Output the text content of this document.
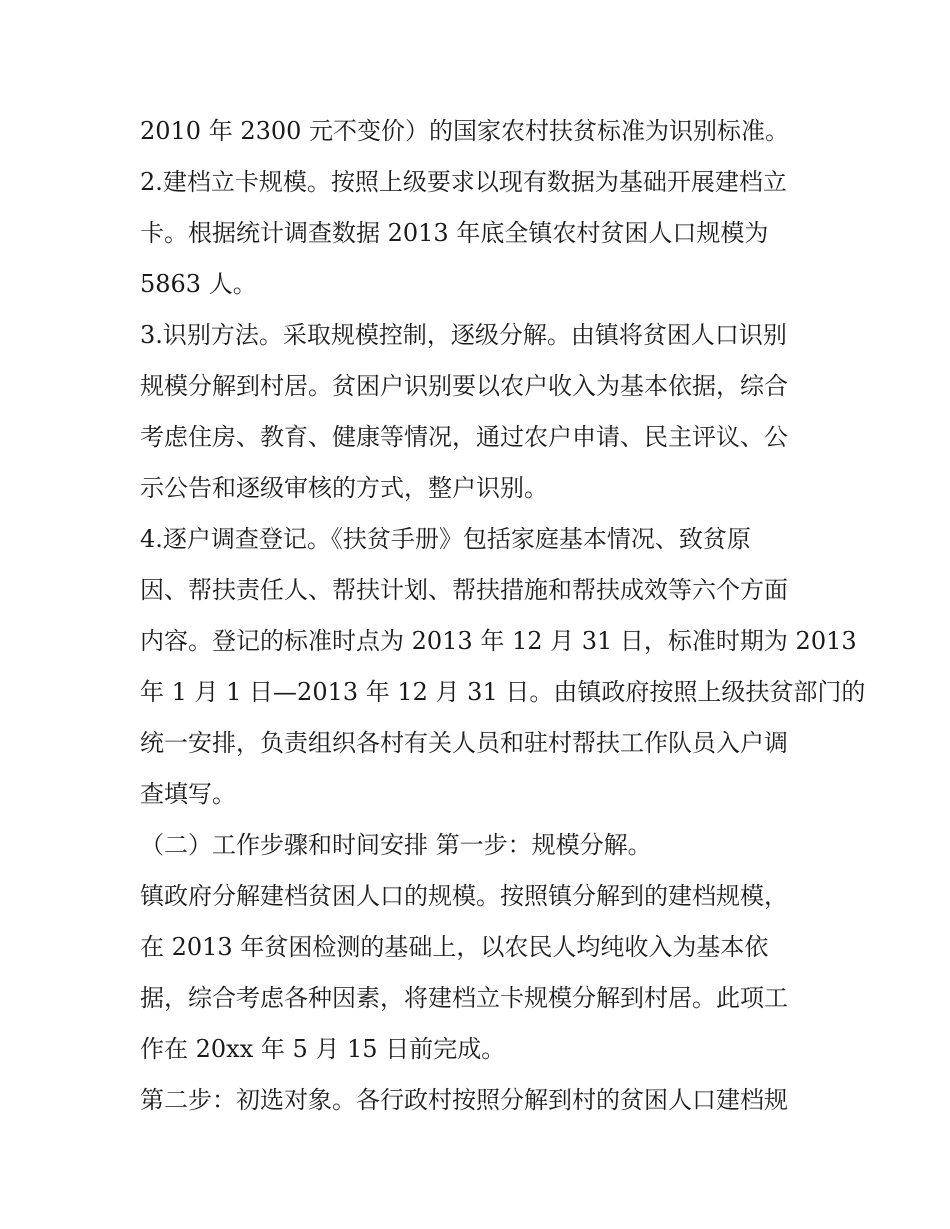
2010 年 2300 元不变价）的国家农村扶贫标准为识别标准。
2.建档立卡规模。按照上级要求以现有数据为基础开展建档立
卡。根据统计调查数据 2013 年底全镇农村贫困人口规模为
5863 人。
3.识别方法。采取规模控制，逐级分解。由镇将贫困人口识别
规模分解到村居。贫困户识别要以农户收入为基本依据，综合
考虑住房、教育、健康等情况，通过农户申请、民主评议、公
示公告和逐级审核的方式，整户识别。
4.逐户调查登记。《扶贫手册》包括家庭基本情况、致贫原
因、帮扶责任人、帮扶计划、帮扶措施和帮扶成效等六个方面
内容。登记的标准时点为 2013 年 12 月 31 日，标准时期为 2013
年 1 月 1 日—2013 年 12 月 31 日。由镇政府按照上级扶贫部门的
统一安排，负责组织各村有关人员和驻村帮扶工作队员入户调
查填写。
（二）工作步骤和时间安排 第一步：规模分解。
镇政府分解建档贫困人口的规模。按照镇分解到的建档规模，
在 2013 年贫困检测的基础上，以农民人均纯收入为基本依
据，综合考虑各种因素，将建档立卡规模分解到村居。此项工
作在 20xx 年 5 月 15 日前完成。
第二步：初选对象。各行政村按照分解到村的贫困人口建档规
